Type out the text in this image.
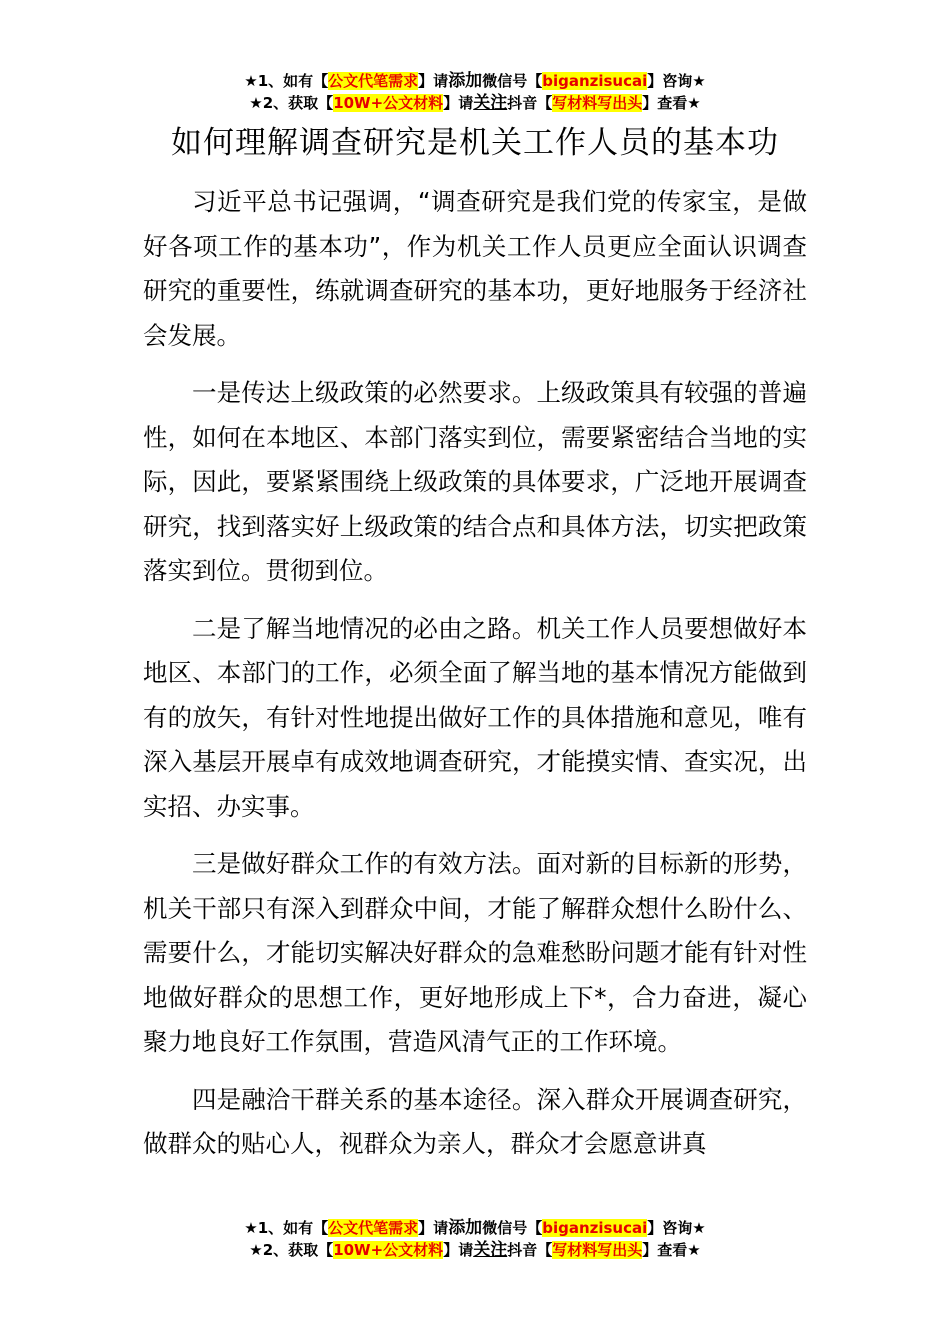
★1、如有【公文代笔需求】请添加微信号【biganzisucai】咨询★
★2、获取【10W+公文材料】请关注抖音【写材料写出头】查看★
如何理解调查研究是机关工作人员的基本功

习近平总书记强调，“调查研究是我们党的传家宝，是做好各项工作的基本功”，作为机关工作人员更应全面认识调查研究的重要性，练就调查研究的基本功，更好地服务于经济社会发展。

一是传达上级政策的必然要求。上级政策具有较强的普遍性，如何在本地区、本部门落实到位，需要紧密结合当地的实际，因此，要紧紧围绕上级政策的具体要求，广泛地开展调查研究，找到落实好上级政策的结合点和具体方法，切实把政策落实到位。贯彻到位。

二是了解当地情况的必由之路。机关工作人员要想做好本地区、本部门的工作，必须全面了解当地的基本情况方能做到有的放矢，有针对性地提出做好工作的具体措施和意见，唯有深入基层开展卓有成效地调查研究，才能摸实情、查实况，出实招、办实事。

三是做好群众工作的有效方法。面对新的目标新的形势，机关干部只有深入到群众中间，才能了解群众想什么盼什么、需要什么，才能切实解决好群众的急难愁盼问题才能有针对性地做好群众的思想工作，更好地形成上下*，合力奋进，凝心聚力地良好工作氛围，营造风清气正的工作环境。

四是融洽干群关系的基本途径。深入群众开展调查研究，做群众的贴心人，视群众为亲人，群众才会愿意讲真

★1、如有【公文代笔需求】请添加微信号【biganzisucai】咨询★
★2、获取【10W+公文材料】请关注抖音【写材料写出头】查看★
